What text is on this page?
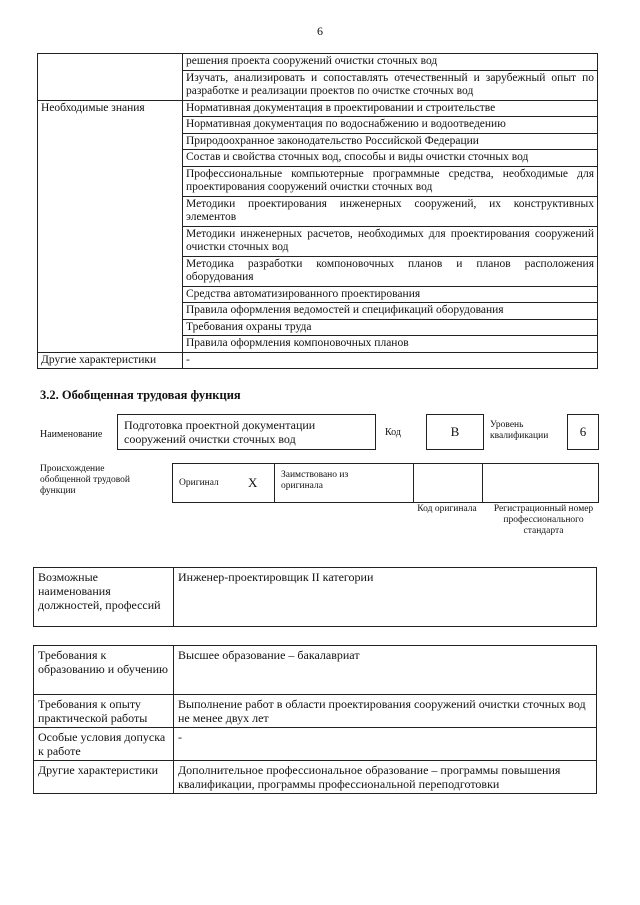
6
	решения проекта сооружений очистки сточных вод
	Изучать, анализировать и сопоставлять отечественный и зарубежный опыт по разработке и реализации проектов по очистке сточных вод
Необходимые знания	Нормативная документация в проектировании и строительстве
	Нормативная документация по водоснабжению и водоотведению
	Природоохранное законодательство Российской Федерации
	Состав и свойства сточных вод, способы и виды очистки сточных вод
	Профессиональные компьютерные программные средства, необходимые для проектирования сооружений очистки сточных вод
	Методики проектирования инженерных сооружений, их конструктивных элементов
	Методики инженерных расчетов, необходимых для проектирования сооружений очистки сточных вод
	Методика разработки компоновочных планов и планов расположения оборудования
	Средства автоматизированного проектирования
	Правила оформления ведомостей и спецификаций оборудования
	Требования охраны труда
	Правила оформления компоновочных планов
Другие характеристики	-
3.2. Обобщенная трудовая функция
Наименование
Подготовка проектной документации сооружений очистки сточных вод	Код	B	Уровень квалификации	6
Происхождение обобщенной трудовой функции
Оригинал X Заимствовано из оригинала
Код оригинала	Регистрационный номер профессионального стандарта
Возможные наименования должностей, профессий	Инженер-проектировщик II категории
Требования к образованию и обучению	Высшее образование – бакалавриат
Требования к опыту практической работы	Выполнение работ в области проектирования сооружений очистки сточных вод не менее двух лет
Особые условия допуска к работе	-
Другие характеристики	Дополнительное профессиональное образование – программы повышения квалификации, программы профессиональной переподготовки
